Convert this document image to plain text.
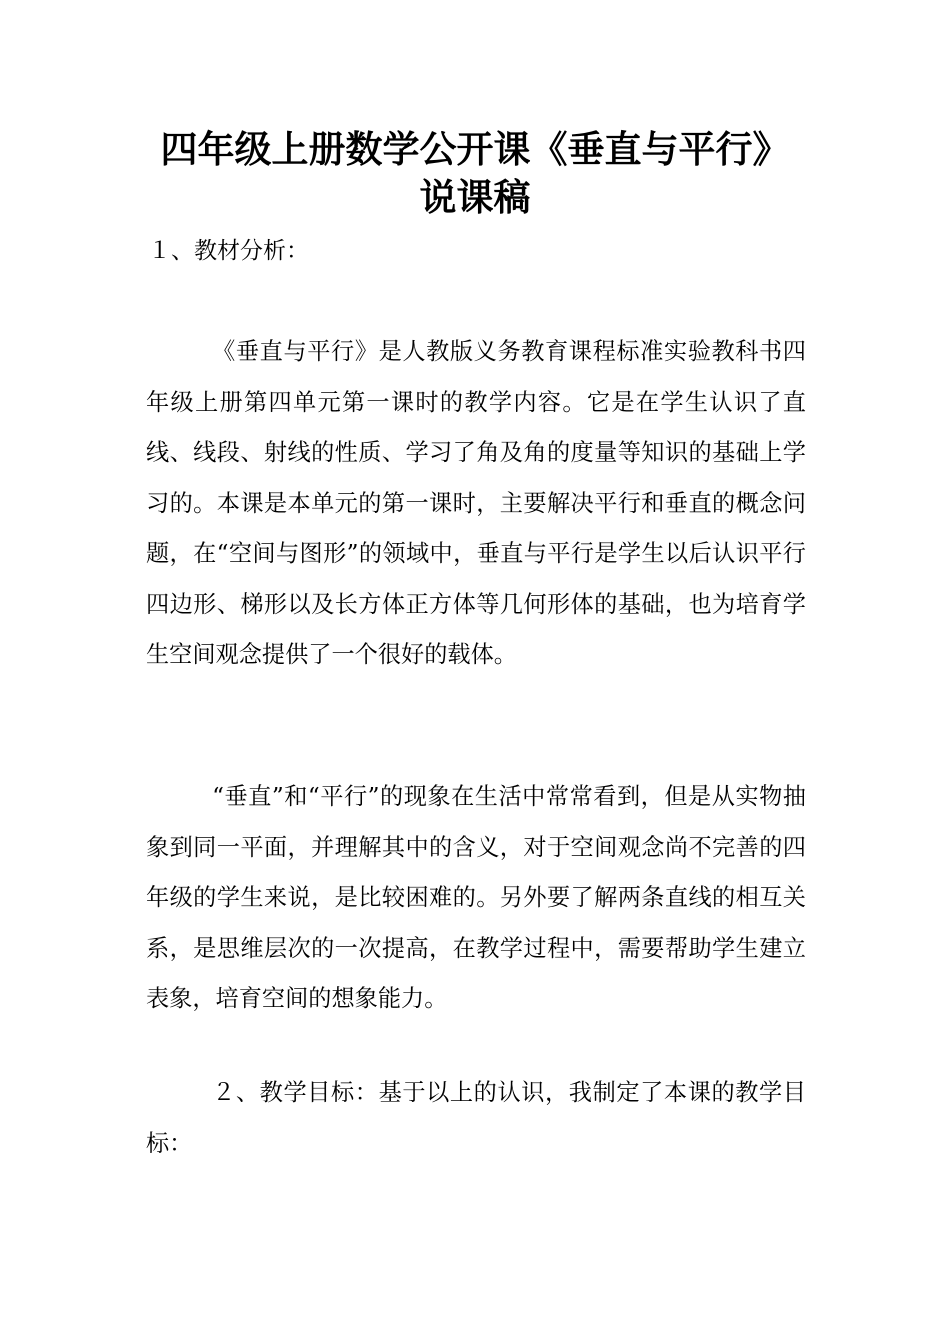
四年级上册数学公开课《垂直与平行》
说课稿
１、教材分析：

《垂直与平行》是人教版义务教育课程标准实验教科书四年级上册第四单元第一课时的教学内容。它是在学生认识了直线、线段、射线的性质、学习了角及角的度量等知识的基础上学习的。本课是本单元的第一课时，主要解决平行和垂直的概念问题，在“空间与图形”的领域中，垂直与平行是学生以后认识平行四边形、梯形以及长方体正方体等几何形体的基础，也为培育学生空间观念提供了一个很好的载体。

“垂直”和“平行”的现象在生活中常常看到，但是从实物抽象到同一平面，并理解其中的含义，对于空间观念尚不完善的四年级的学生来说，是比较困难的。另外要了解两条直线的相互关系，是思维层次的一次提高，在教学过程中，需要帮助学生建立表象，培育空间的想象能力。

２、教学目标：基于以上的认识，我制定了本课的教学目标：
